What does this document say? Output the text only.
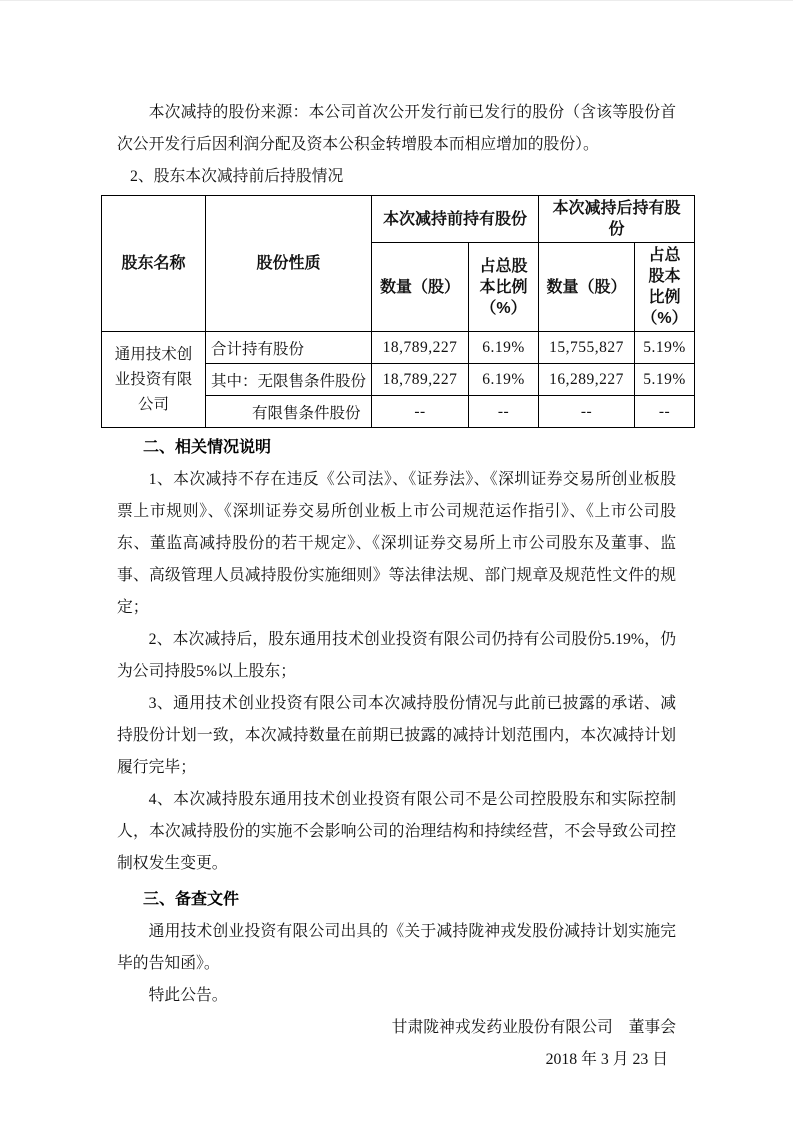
本次减持的股份来源：本公司首次公开发行前已发行的股份（含该等股份首次公开发行后因利润分配及资本公积金转增股本而相应增加的股份）。

2、股东本次减持前后持股情况

股东名称	股份性质	本次减持前持有股份		本次减持后持有股份	
		数量（股）	占总股本比例（%）	数量（股）	占总股本比例（%）
通用技术创业投资有限公司	合计持有股份	18,789,227	6.19%	15,755,827	5.19%
	其中：无限售条件股份	18,789,227	6.19%	16,289,227	5.19%
	有限售条件股份	--	--	--	--

二、相关情况说明

1、本次减持不存在违反《公司法》、《证券法》、《深圳证券交易所创业板股票上市规则》、《深圳证券交易所创业板上市公司规范运作指引》、《上市公司股东、董监高减持股份的若干规定》、《深圳证券交易所上市公司股东及董事、监事、高级管理人员减持股份实施细则》等法律法规、部门规章及规范性文件的规定；

2、本次减持后，股东通用技术创业投资有限公司仍持有公司股份5.19%，仍为公司持股5%以上股东；

3、通用技术创业投资有限公司本次减持股份情况与此前已披露的承诺、减持股份计划一致，本次减持数量在前期已披露的减持计划范围内，本次减持计划履行完毕；

4、本次减持股东通用技术创业投资有限公司不是公司控股股东和实际控制人，本次减持股份的实施不会影响公司的治理结构和持续经营，不会导致公司控制权发生变更。

三、备查文件

通用技术创业投资有限公司出具的《关于减持陇神戎发股份减持计划实施完毕的告知函》。

特此公告。

甘肃陇神戎发药业股份有限公司　董事会

2018 年 3 月 23 日
